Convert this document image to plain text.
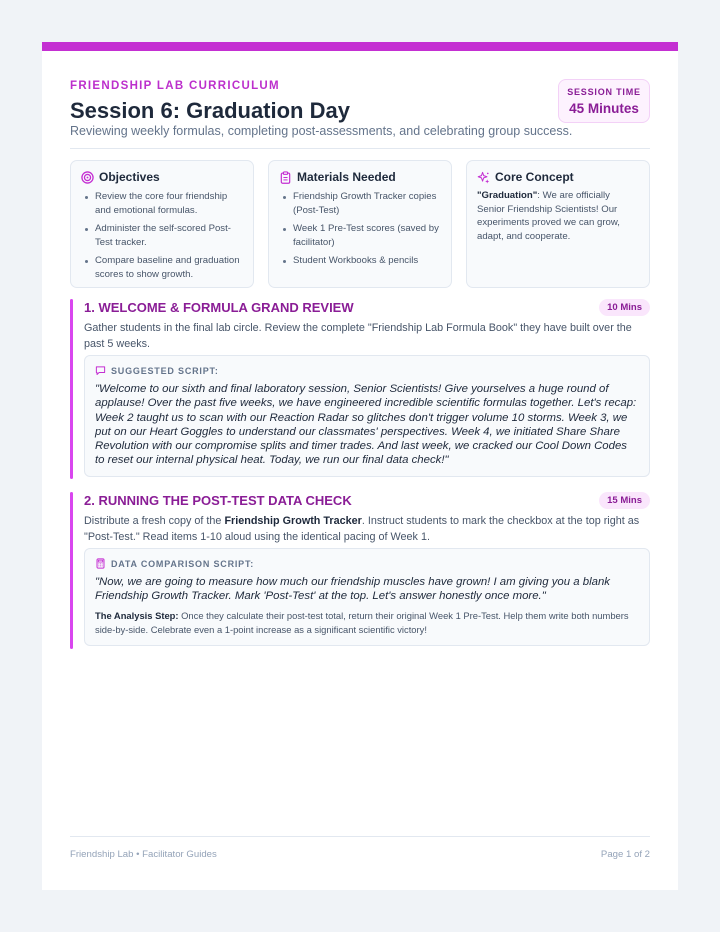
FRIENDSHIP LAB CURRICULUM
Session 6: Graduation Day
Reviewing weekly formulas, completing post-assessments, and celebrating group success.
SESSION TIME
45 Minutes
Objectives
Review the core four friendship and emotional formulas.
Administer the self-scored Post-Test tracker.
Compare baseline and graduation scores to show growth.
Materials Needed
Friendship Growth Tracker copies (Post-Test)
Week 1 Pre-Test scores (saved by facilitator)
Student Workbooks & pencils
Core Concept

"Graduation": We are officially Senior Friendship Scientists! Our experiments proved we can grow, adapt, and cooperate.

1. WELCOME & FORMULA GRAND REVIEW	10 Mins
Gather students in the final lab circle. Review the complete "Friendship Lab Formula Book" they have built over the past 5 weeks.
SUGGESTED SCRIPT:
"Welcome to our sixth and final laboratory session, Senior Scientists! Give yourselves a huge round of applause! Over the past five weeks, we have engineered incredible scientific formulas together. Let's recap: Week 2 taught us to scan with our Reaction Radar so glitches don't trigger volume 10 storms. Week 3, we put on our Heart Goggles to understand our classmates' perspectives. Week 4, we initiated Share Share Revolution with our compromise splits and timer trades. And last week, we cracked our Cool Down Codes to reset our internal physical heat. Today, we run our final data check!"
2. RUNNING THE POST-TEST DATA CHECK	15 Mins
Distribute a fresh copy of the Friendship Growth Tracker. Instruct students to mark the checkbox at the top right as "Post-Test." Read items 1-10 aloud using the identical pacing of Week 1.
DATA COMPARISON SCRIPT:
"Now, we are going to measure how much our friendship muscles have grown! I am giving you a blank Friendship Growth Tracker. Mark 'Post-Test' at the top. Let's answer honestly once more."
The Analysis Step: Once they calculate their post-test total, return their original Week 1 Pre-Test. Help them write both numbers side-by-side. Celebrate even a 1-point increase as a significant scientific victory!
Friendship Lab • Facilitator Guides	Page 1 of 2
